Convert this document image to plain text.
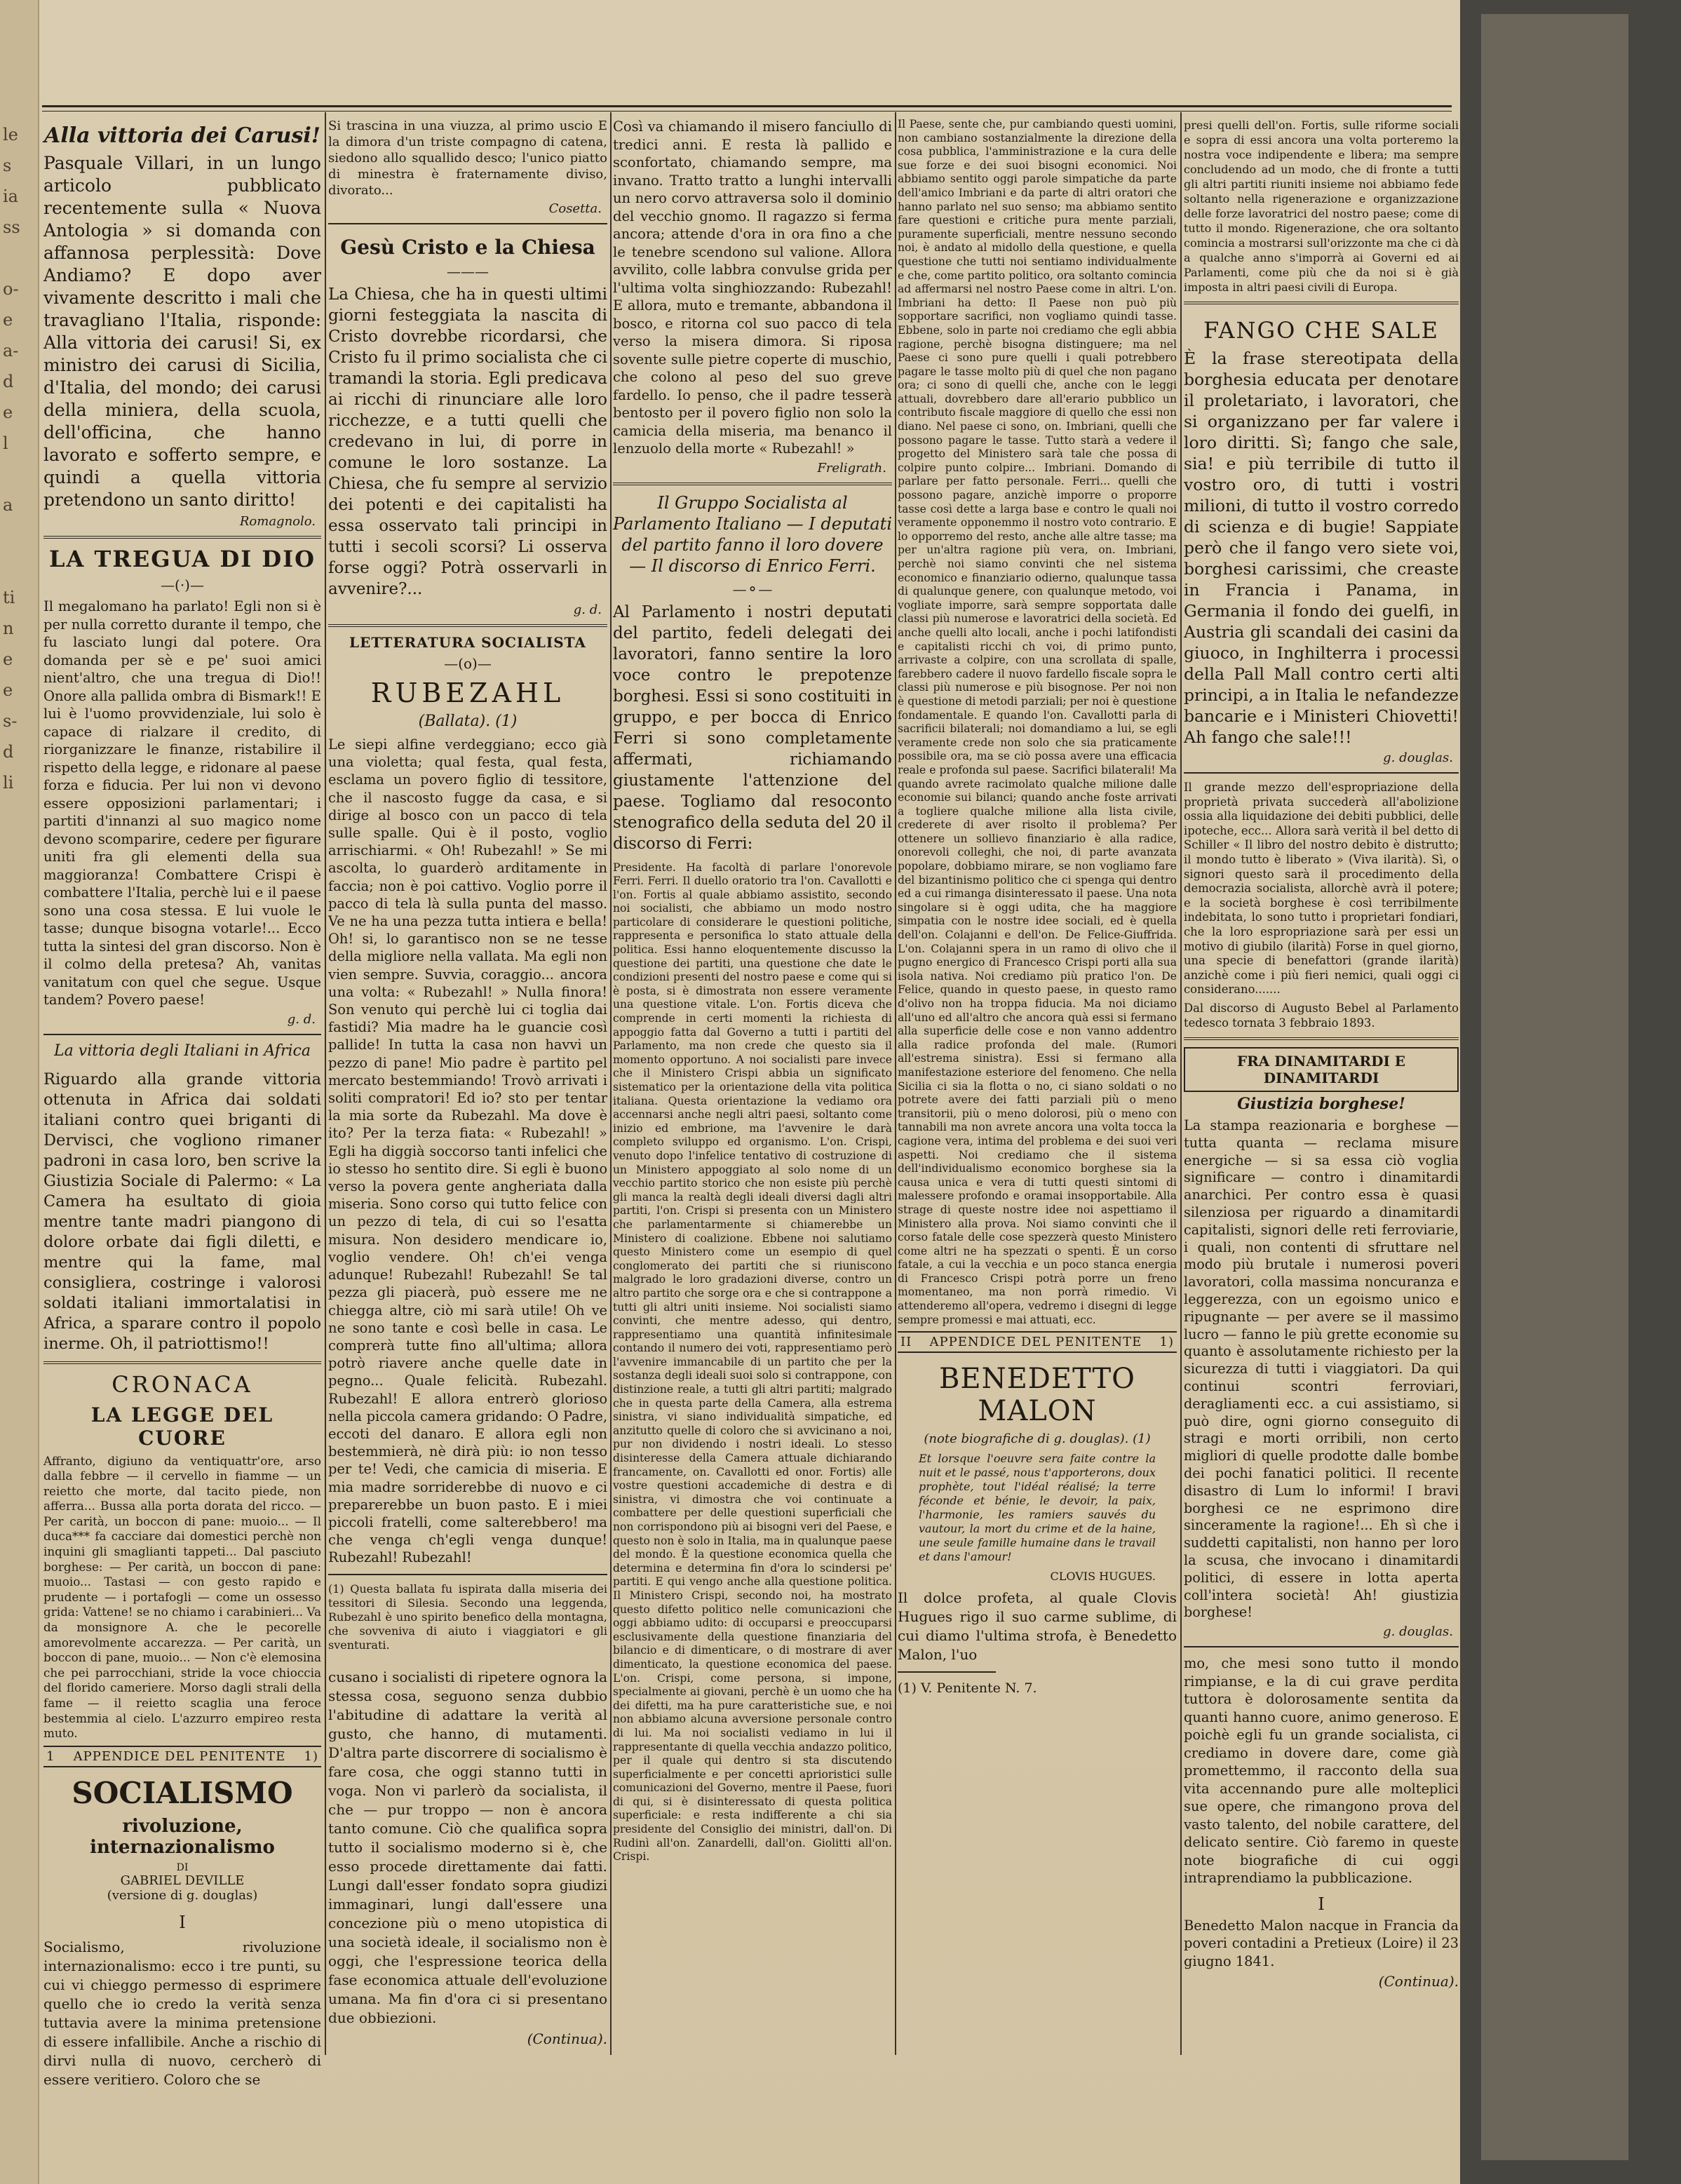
le
s
ia
ss
o-
e
a-
d
e
l
a
ti
n
e
e
s-
d
li
Alla vittoria dei Carusi!

Pasquale Villari, in un lungo articolo pubblicato recentemente sulla « Nuova Antologia » si domanda con affannosa perplessità: Dove Andiamo? E dopo aver vivamente descritto i mali che travagliano l'Italia, risponde: Alla vittoria dei carusi! Si, ex ministro dei carusi di Sicilia, d'Italia, del mondo; dei carusi della miniera, della scuola, dell'officina, che hanno lavorato e sofferto sempre, e quindi a quella vittoria pretendono un santo diritto!

Romagnolo.
LA TREGUA DI DIO
—(·)—

Il megalomano ha parlato! Egli non si è per nulla corretto durante il tempo, che fu lasciato lungi dal potere. Ora domanda per sè e pe' suoi amici nient'altro, che una tregua di Dio!! Onore alla pallida ombra di Bismark!! E lui è l'uomo provvidenziale, lui solo è capace di rialzare il credito, di riorganizzare le finanze, ristabilire il rispetto della legge, e ridonare al paese forza e fiducia. Per lui non vi devono essere opposizioni parlamentari; i partiti d'innanzi al suo magico nome devono scomparire, cedere per figurare uniti fra gli elementi della sua maggioranza! Combattere Crispi è combattere l'Italia, perchè lui e il paese sono una cosa stessa. E lui vuole le tasse; dunque bisogna votarle!... Ecco tutta la sintesi del gran discorso. Non è il colmo della pretesa? Ah, vanitas vanitatum con quel che segue. Usque tandem? Povero paese!

g. d.
La vittoria degli Italiani in Africa

Riguardo alla grande vittoria ottenuta in Africa dai soldati italiani contro quei briganti di Dervisci, che vogliono rimaner padroni in casa loro, ben scrive la Giustizia Sociale di Palermo: « La Camera ha esultato di gioia mentre tante madri piangono di dolore orbate dai figli diletti, e mentre qui la fame, mal consigliera, costringe i valorosi soldati italiani immortalatisi in Africa, a sparare contro il popolo inerme. Oh, il patriottismo!!

CRONACA
LA LEGGE DEL CUORE

Affranto, digiuno da ventiquattr'ore, arso dalla febbre — il cervello in fiamme — un reietto che morte, dal tacito piede, non afferra... Bussa alla porta dorata del ricco. — Per carità, un boccon di pane: muoio... — Il duca*** fa cacciare dai domestici perchè non inquini gli smaglianti tappeti... Dal pasciuto borghese: — Per carità, un boccon di pane: muoio... Tastasi — con gesto rapido e prudente — i portafogli — come un ossesso grida: Vattene! se no chiamo i carabinieri... Va da monsignore A. che le pecorelle amorevolmente accarezza. — Per carità, un boccon di pane, muoio... — Non c'è elemosina che pei parrocchiani, stride la voce chioccia del florido cameriere. Morso dagli strali della fame — il reietto scaglia una feroce bestemmia al cielo. L'azzurro empireo resta muto.

1 APPENDICE DEL PENITENTE 1)
SOCIALISMO
rivoluzione, internazionalismo
DI
GABRIEL DEVILLE
(versione di g. douglas)
I

Socialismo, rivoluzione internazionalismo: ecco i tre punti, su cui vi chieggo permesso di esprimere quello che io credo la verità senza tuttavia avere la minima pretensione di essere infallibile. Anche a rischio di dirvi nulla di nuovo, cercherò di essere veritiero. Coloro che se

Si trascina in una viuzza, al primo uscio E la dimora d'un triste compagno di catena, siedono allo squallido desco; l'unico piatto di minestra è fraternamente diviso, divorato...

Cosetta.
Gesù Cristo e la Chiesa
———

La Chiesa, che ha in questi ultimi giorni festeggiata la nascita di Cristo dovrebbe ricordarsi, che Cristo fu il primo socialista che ci tramandi la storia. Egli predicava ai ricchi di rinunciare alle loro ricchezze, e a tutti quelli che credevano in lui, di porre in comune le loro sostanze. La Chiesa, che fu sempre al servizio dei potenti e dei capitalisti ha essa osservato tali principi in tutti i secoli scorsi? Li osserva forse oggi? Potrà osservarli in avvenire?...

g. d.
LETTERATURA SOCIALISTA
—(o)—
RUBEZAHL
(Ballata). (1)

Le siepi alfine verdeggiano; ecco già una violetta; qual festa, qual festa, esclama un povero figlio di tessitore, che il nascosto fugge da casa, e si dirige al bosco con un pacco di tela sulle spalle. Qui è il posto, voglio arrischiarmi. « Oh! Rubezahl! » Se mi ascolta, lo guarderò arditamente in faccia; non è poi cattivo. Voglio porre il pacco di tela là sulla punta del masso. Ve ne ha una pezza tutta intiera e bella! Oh! si, lo garantisco non se ne tesse della migliore nella vallata. Ma egli non vien sempre. Suvvia, coraggio... ancora una volta: « Rubezahl! » Nulla finora! Son venuto qui perchè lui ci toglia dai fastidi? Mia madre ha le guancie così pallide! In tutta la casa non havvi un pezzo di pane! Mio padre è partito pel mercato bestemmiando! Trovò arrivati i soliti compratori! Ed io? sto per tentar la mia sorte da Rubezahl. Ma dove è ito? Per la terza fiata: « Rubezahl! » Egli ha diggià soccorso tanti infelici che io stesso ho sentito dire. Si egli è buono verso la povera gente angheriata dalla miseria. Sono corso qui tutto felice con un pezzo di tela, di cui so l'esatta misura. Non desidero mendicare io, voglio vendere. Oh! ch'ei venga adunque! Rubezahl! Rubezahl! Se tal pezza gli piacerà, può essere me ne chiegga altre, ciò mi sarà utile! Oh ve ne sono tante e così belle in casa. Le comprerà tutte fino all'ultima; allora potrò riavere anche quelle date in pegno... Quale felicità. Rubezahl. Rubezahl! E allora entrerò glorioso nella piccola camera gridando: O Padre, eccoti del danaro. E allora egli non bestemmierà, nè dirà più: io non tesso per te! Vedi, che camicia di miseria. E mia madre sorriderebbe di nuovo e ci preparerebbe un buon pasto. E i miei piccoli fratelli, come salterebbero! ma che venga ch'egli venga dunque! Rubezahl! Rubezahl!

(1) Questa ballata fu ispirata dalla miseria dei tessitori di Silesia. Secondo una leggenda, Rubezahl è uno spirito benefico della montagna, che sovveniva di aiuto i viaggiatori e gli sventurati.

cusano i socialisti di ripetere ognora la stessa cosa, seguono senza dubbio l'abitudine di adattare la verità al gusto, che hanno, di mutamenti. D'altra parte discorrere di socialismo è fare cosa, che oggi stanno tutti in voga. Non vi parlerò da socialista, il che — pur troppo — non è ancora tanto comune. Ciò che qualifica sopra tutto il socialismo moderno si è, che esso procede direttamente dai fatti. Lungi dall'esser fondato sopra giudizi immaginari, lungi dall'essere una concezione più o meno utopistica di una società ideale, il socialismo non è oggi, che l'espressione teorica della fase economica attuale dell'evoluzione umana. Ma fin d'ora ci si presentano due obbiezioni.

(Continua).

Così va chiamando il misero fanciullo di tredici anni. E resta là pallido e sconfortato, chiamando sempre, ma invano. Tratto tratto a lunghi intervalli un nero corvo attraversa solo il dominio del vecchio gnomo. Il ragazzo si ferma ancora; attende d'ora in ora fino a che le tenebre scendono sul valione. Allora avvilito, colle labbra convulse grida per l'ultima volta singhiozzando: Rubezahl! E allora, muto e tremante, abbandona il bosco, e ritorna col suo pacco di tela verso la misera dimora. Si riposa sovente sulle pietre coperte di muschio, che colono al peso del suo greve fardello. Io penso, che il padre tesserà bentosto per il povero figlio non solo la camicia della miseria, ma benanco il lenzuolo della morte « Rubezahl! »

Freligrath.
Il Gruppo Socialista al Parlamento Italiano — I deputati del partito fanno il loro dovere — Il discorso di Enrico Ferri.
—⚬—

Al Parlamento i nostri deputati del partito, fedeli delegati dei lavoratori, fanno sentire la loro voce contro le prepotenze borghesi. Essi si sono costituiti in gruppo, e per bocca di Enrico Ferri si sono completamente affermati, richiamando giustamente l'attenzione del paese. Togliamo dal resoconto stenografico della seduta del 20 il discorso di Ferri:

Presidente. Ha facoltà di parlare l'onorevole Ferri. Ferri. Il duello oratorio tra l'on. Cavallotti e l'on. Fortis al quale abbiamo assistito, secondo noi socialisti, che abbiamo un modo nostro particolare di considerare le questioni politiche, rappresenta e personifica lo stato attuale della politica. Essi hanno eloquentemente discusso la questione dei partiti, una questione che date le condizioni presenti del nostro paese e come qui si è posta, si è dimostrata non essere veramente una questione vitale. L'on. Fortis diceva che comprende in certi momenti la richiesta di appoggio fatta dal Governo a tutti i partiti del Parlamento, ma non crede che questo sia il momento opportuno. A noi socialisti pare invece che il Ministero Crispi abbia un significato sistematico per la orientazione della vita politica italiana. Questa orientazione la vediamo ora accennarsi anche negli altri paesi, soltanto come inizio ed embrione, ma l'avvenire le darà completo sviluppo ed organismo. L'on. Crispi, venuto dopo l'infelice tentativo di costruzione di un Ministero appoggiato al solo nome di un vecchio partito storico che non esiste più perchè gli manca la realtà degli ideali diversi dagli altri partiti, l'on. Crispi si presenta con un Ministero che parlamentarmente si chiamerebbe un Ministero di coalizione. Ebbene noi salutiamo questo Ministero come un esempio di quel conglomerato dei partiti che si riuniscono malgrado le loro gradazioni diverse, contro un altro partito che sorge ora e che si contrappone a tutti gli altri uniti insieme. Noi socialisti siamo convinti, che mentre adesso, qui dentro, rappresentiamo una quantità infinitesimale contando il numero dei voti, rappresentiamo però l'avvenire immancabile di un partito che per la sostanza degli ideali suoi solo si contrappone, con distinzione reale, a tutti gli altri partiti; malgrado che in questa parte della Camera, alla estrema sinistra, vi siano individualità simpatiche, ed anzitutto quelle di coloro che si avvicinano a noi, pur non dividendo i nostri ideali. Lo stesso disinteresse della Camera attuale dichiarando francamente, on. Cavallotti ed onor. Fortis) alle vostre questioni accademiche di destra e di sinistra, vi dimostra che voi continuate a combattere per delle questioni superficiali che non corrispondono più ai bisogni veri del Paese, e questo non è solo in Italia, ma in qualunque paese del mondo. È la questione economica quella che determina e determina fin d'ora lo scindersi pe' partiti. E qui vengo anche alla questione politica. Il Ministero Crispi, secondo noi, ha mostrato questo difetto politico nelle comunicazioni che oggi abbiamo udito: di occuparsi e preoccuparsi esclusivamente della questione finanziaria del bilancio e di dimenticare, o di mostrare di aver dimenticato, la questione economica del paese. L'on. Crispi, come persona, si impone, specialmente ai giovani, perchè è un uomo che ha dei difetti, ma ha pure caratteristiche sue, e noi non abbiamo alcuna avversione personale contro di lui. Ma noi socialisti vediamo in lui il rappresentante di quella vecchia andazzo politico, per il quale qui dentro si sta discutendo superficialmente e per concetti aprioristici sulle comunicazioni del Governo, mentre il Paese, fuori di qui, si è disinteressato di questa politica superficiale: e resta indifferente a chi sia presidente del Consiglio dei ministri, dall'on. Di Rudinì all'on. Zanardelli, dall'on. Giolitti all'on. Crispi.

Il Paese, sente che, pur cambiando questi uomini, non cambiano sostanzialmente la direzione della cosa pubblica, l'amministrazione e la cura delle sue forze e dei suoi bisogni economici. Noi abbiamo sentito oggi parole simpatiche da parte dell'amico Imbriani e da parte di altri oratori che hanno parlato nel suo senso; ma abbiamo sentito fare questioni e critiche pura mente parziali, puramente superficiali, mentre nessuno secondo noi, è andato al midollo della questione, e quella questione che tutti noi sentiamo individualmente e che, come partito politico, ora soltanto comincia ad affermarsi nel nostro Paese come in altri. L'on. Imbriani ha detto: Il Paese non può più sopportare sacrifici, non vogliamo quindi tasse. Ebbene, solo in parte noi crediamo che egli abbia ragione, perchè bisogna distinguere; ma nel Paese ci sono pure quelli i quali potrebbero pagare le tasse molto più di quel che non pagano ora; ci sono di quelli che, anche con le leggi attuali, dovrebbero dare all'erario pubblico un contributo fiscale maggiore di quello che essi non diano. Nel paese ci sono, on. Imbriani, quelli che possono pagare le tasse. Tutto starà a vedere il progetto del Ministero sarà tale che possa di colpire punto colpire... Imbriani. Domando di parlare per fatto personale. Ferri... quelli che possono pagare, anzichè imporre o proporre tasse così dette a larga base e contro le quali noi veramente opponemmo il nostro voto contrario. E lo opporremo del resto, anche alle altre tasse; ma per un'altra ragione più vera, on. Imbriani, perchè noi siamo convinti che nel sistema economico e finanziario odierno, qualunque tassa di qualunque genere, con qualunque metodo, voi vogliate imporre, sarà sempre sopportata dalle classi più numerose e lavoratrici della società. Ed anche quelli alto locali, anche i pochi latifondisti e capitalisti ricchi ch voi, di primo punto, arrivaste a colpire, con una scrollata di spalle, farebbero cadere il nuovo fardello fiscale sopra le classi più numerose e più bisognose. Per noi non è questione di metodi parziali; per noi è questione fondamentale. E quando l'on. Cavallotti parla di sacrificii bilaterali; noi domandiamo a lui, se egli veramente crede non solo che sia praticamente possibile ora, ma se ciò possa avere una efficacia reale e profonda sul paese. Sacrifici bilaterali! Ma quando avrete racimolato qualche milione dalle economie sui bilanci; quando anche foste arrivati a togliere qualche milione alla lista civile, crederete di aver risolto il problema? Per ottenere un sollievo finanziario è alla radice, onorevoli colleghi, che noi, di parte avanzata popolare, dobbiamo mirare, se non vogliamo fare del bizantinismo politico che ci spenga qui dentro ed a cui rimanga disinteressato il paese. Una nota singolare si è oggi udita, che ha maggiore simpatia con le nostre idee sociali, ed è quella dell'on. Colajanni e dell'on. De Felice-Giuffrida. L'on. Colajanni spera in un ramo di olivo che il pugno energico di Francesco Crispi porti alla sua isola nativa. Noi crediamo più pratico l'on. De Felice, quando in questo paese, in questo ramo d'olivo non ha troppa fiducia. Ma noi diciamo all'uno ed all'altro che ancora quà essi si fermano alla superficie delle cose e non vanno addentro alla radice profonda del male. (Rumori all'estrema sinistra). Essi si fermano alla manifestazione esteriore del fenomeno. Che nella Sicilia ci sia la flotta o no, ci siano soldati o no potrete avere dei fatti parziali più o meno transitorii, più o meno dolorosi, più o meno con tannabili ma non avrete ancora una volta tocca la cagione vera, intima del problema e dei suoi veri aspetti. Noi crediamo che il sistema dell'individualismo economico borghese sia la causa unica e vera di tutti questi sintomi di malessere profondo e oramai insopportabile. Alla strage di queste nostre idee noi aspettiamo il Ministero alla prova. Noi siamo convinti che il corso fatale delle cose spezzerà questo Ministero come altri ne ha spezzati o spenti. È un corso fatale, a cui la vecchia e un poco stanca energia di Francesco Crispi potrà porre un freno momentaneo, ma non porrà rimedio. Vi attenderemo all'opera, vedremo i disegni di legge sempre promessi e mai attuati, ecc.

II APPENDICE DEL PENITENTE 1)
BENEDETTO MALON
(note biografiche di g. douglas). (1)
Et lorsque l'oeuvre sera faite contre la nuit et le passé, nous t'apporterons, doux prophète, tout l'idéal réalisé; la terre féconde et bénie, le devoir, la paix, l'harmonie, les ramiers sauvés du vautour, la mort du crime et de la haine, une seule famille humaine dans le travail et dans l'amour!
CLOVIS HUGUES.

Il dolce profeta, al quale Clovis Hugues rigo il suo carme sublime, di cui diamo l'ultima strofa, è Benedetto Malon, l'uo

(1) V. Penitente N. 7.

presi quelli dell'on. Fortis, sulle riforme sociali e sopra di essi ancora una volta porteremo la nostra voce indipendente e libera; ma sempre concludendo ad un modo, che di fronte a tutti gli altri partiti riuniti insieme noi abbiamo fede soltanto nella rigenerazione e organizzazione delle forze lavoratrici del nostro paese; come di tutto il mondo. Rigenerazione, che ora soltanto comincia a mostrarsi sull'orizzonte ma che ci dà a qualche anno s'imporrà ai Governi ed ai Parlamenti, come più che da noi si è già imposta in altri paesi civili di Europa.

FANGO CHE SALE

È la frase stereotipata della borghesia educata per denotare il proletariato, i lavoratori, che si organizzano per far valere i loro diritti. Sì; fango che sale, sia! e più terribile di tutto il vostro oro, di tutti i vostri milioni, di tutto il vostro corredo di scienza e di bugie! Sappiate però che il fango vero siete voi, borghesi carissimi, che creaste in Francia i Panama, in Germania il fondo dei guelfi, in Austria gli scandali dei casini da giuoco, in Inghilterra i processi della Pall Mall contro certi alti principi, a in Italia le nefandezze bancarie e i Ministeri Chiovetti! Ah fango che sale!!!

g. douglas.

Il grande mezzo dell'espropriazione della proprietà privata succederà all'abolizione ossia alla liquidazione dei debiti pubblici, delle ipoteche, ecc... Allora sarà verità il bel detto di Schiller « Il libro del nostro debito è distrutto; il mondo tutto è liberato » (Viva ilarità). Sì, o signori questo sarà il procedimento della democrazia socialista, allorchè avrà il potere; e la società borghese è così terribilmente indebitata, lo sono tutto i proprietari fondiari, che la loro espropriazione sarà per essi un motivo di giubilo (ilarità) Forse in quel giorno, una specie di benefattori (grande ilarità) anzichè come i più fieri nemici, quali oggi ci considerano.......

Dal discorso di Augusto Bebel al Parlamento tedesco tornata 3 febbraio 1893.

FRA DINAMITARDI E DINAMITARDI
Giustizia borghese!

La stampa reazionaria e borghese — tutta quanta — reclama misure energiche — si sa essa ciò voglia significare — contro i dinamitardi anarchici. Per contro essa è quasi silenziosa per riguardo a dinamitardi capitalisti, signori delle reti ferroviarie, i quali, non contenti di sfruttare nel modo più brutale i numerosi poveri lavoratori, colla massima noncuranza e leggerezza, con un egoismo unico e ripugnante — per avere se il massimo lucro — fanno le più grette economie su quanto è assolutamente richiesto per la sicurezza di tutti i viaggiatori. Da qui continui scontri ferroviari, deragliamenti ecc. a cui assistiamo, si può dire, ogni giorno conseguito di stragi e morti orribili, non certo migliori di quelle prodotte dalle bombe dei pochi fanatici politici. Il recente disastro di Lum lo informi! I bravi borghesi ce ne esprimono dire sinceramente la ragione!... Eh sì che i suddetti capitalisti, non hanno per loro la scusa, che invocano i dinamitardi politici, di essere in lotta aperta coll'intera società! Ah! giustizia borghese!

g. douglas.

mo, che mesi sono tutto il mondo rimpianse, e la di cui grave perdita tuttora è dolorosamente sentita da quanti hanno cuore, animo generoso. E poichè egli fu un grande socialista, ci crediamo in dovere dare, come già promettemmo, il racconto della sua vita accennando pure alle molteplici sue opere, che rimangono prova del vasto talento, del nobile carattere, del delicato sentire. Ciò faremo in queste note biografiche di cui oggi intraprendiamo la pubblicazione.

I

Benedetto Malon nacque in Francia da poveri contadini a Pretieux (Loire) il 23 giugno 1841.

(Continua).
